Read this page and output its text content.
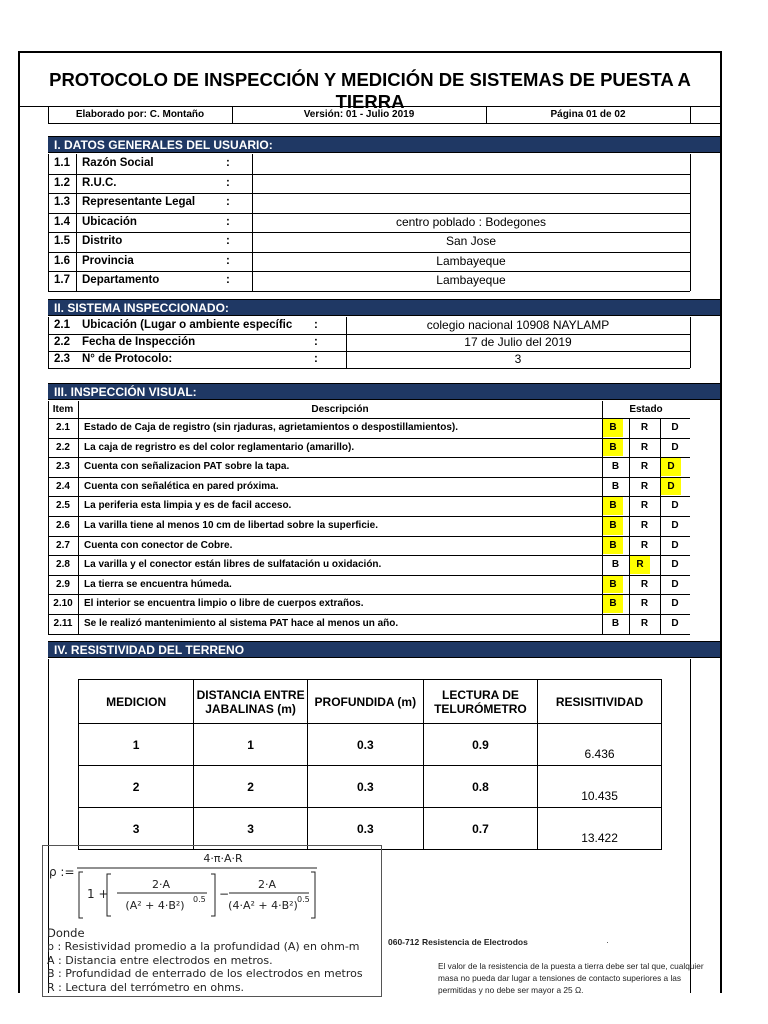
PROTOCOLO DE INSPECCIÓN Y MEDICIÓN DE SISTEMAS DE PUESTA A TIERRA
Elaborado por: C. Montaño	Versión: 01 - Julio 2019	Página 01 de 02
I. DATOS GENERALES DEL USUARIO:
II. SISTEMA INSPECCIONADO:
III. INSPECCIÓN VISUAL:
IV. RESISTIVIDAD DEL TERRENO
MEDICION	DISTANCIA ENTRE JABALINAS (m)	PROFUNDIDA (m)	LECTURA DE TELURÓMETRO	RESISITIVIDAD
1	1	0.3	0.9	6.436

2	2	0.3	0.8	10.435

3	3	0.3	0.7	13.422
ρ :=
4·π·A·R
1 +
2·A
(A² + 4·B²) 0.5 −
2·A
(4·A² + 4·B²) 0.5
Donde
p : Resistividad promedio a la profundidad (A) en ohm-m
A : Distancia entre electrodos en metros.
B : Profundidad de enterrado de los electrodos en metros
R : Lectura del terrómetro en ohms.
060-712 Resistencia de Electrodos	·
El valor de la resistencia de la puesta a tierra debe ser tal que, cualquier
masa no pueda dar lugar a tensiones de contacto superiores a las
permitidas y no debe ser mayor a 25 Ω.
1.1	Razón Social	:
1.2	R.U.C.	:
1.3	Representante Legal	:
1.4	Ubicación	:	centro poblado : Bodegones
1.5	Distrito	:	San Jose
1.6	Provincia	:	Lambayeque
1.7	Departamento	:	Lambayeque
2.1	Ubicación (Lugar o ambiente específic	:	colegio nacional 10908 NAYLAMP
2.2	Fecha de Inspección	:	17 de Julio del 2019
2.3	N° de Protocolo:	:	3
Item	Descripción	Estado
2.1	Estado de Caja de registro (sin rjaduras, agrietamientos o despostillamientos).	B	R	D
2.2	La caja de regristro es del color reglamentario (amarillo).	B	R	D
2.3	Cuenta con señalizacion PAT sobre la tapa.	B	R	D
2.4	Cuenta con señalética en pared próxima.	B	R	D
2.5	La periferia esta limpia y es de facil acceso.	B	R	D
2.6	La varilla tiene al menos 10 cm de libertad sobre la superficie.	B	R	D
2.7	Cuenta con conector de Cobre.	B	R	D
2.8	La varilla y el conector están libres de sulfatación u oxidación.	B	R	D
2.9	La tierra se encuentra húmeda.	B	R	D
2.10	El interior se encuentra limpio o libre de cuerpos extraños.	B	R	D
2.11	Se le realizó mantenimiento al sistema PAT hace al menos un año.	B	R	D
